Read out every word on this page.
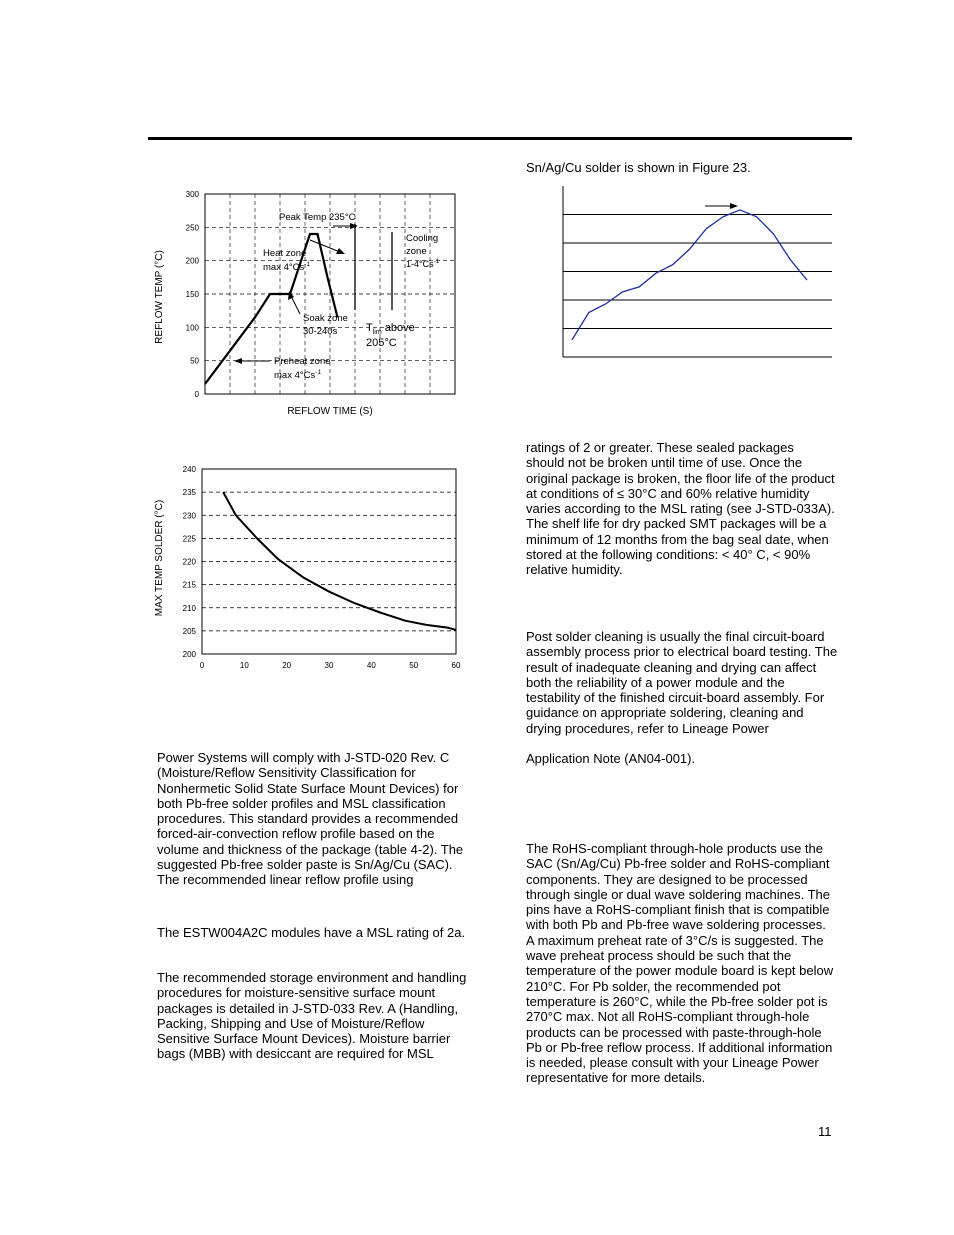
0
50
100
150
200
250
300
Peak Temp 235°C
Heat zone
$\max 4^\circ Cs^{-1}$
Cooling
zone
$1-4^\circ Cs^{-1}$
Soak zone
30-240s	$T_{lim}$ above
205°C
Preheat zone
$\max 4^\circ Cs^{-1}$
REFLOW TIME (S)
REFLOW TEMP (°C)
200
205
210
215
220
225
230
235
240
0	10	20	30	40	50	60
MAX TEMP SOLDER (°C)

Sn/Ag/Cu solder is shown in Figure 23.

Power Systems will comply with J-STD-020 Rev. C
(Moisture/Reflow Sensitivity Classification for
Nonhermetic Solid State Surface Mount Devices) for
both Pb-free solder profiles and MSL classification
procedures. This standard provides a recommended
forced-air-convection reflow profile based on the
volume and thickness of the package (table 4-2). The
suggested Pb-free solder paste is Sn/Ag/Cu (SAC).
The recommended linear reflow profile using
The ESTW004A2C modules have a MSL rating of 2a.
The recommended storage environment and handling
procedures for moisture-sensitive surface mount
packages is detailed in J-STD-033 Rev. A (Handling,
Packing, Shipping and Use of Moisture/Reflow
Sensitive Surface Mount Devices). Moisture barrier
bags (MBB) with desiccant are required for MSL
ratings of 2 or greater. These sealed packages
should not be broken until time of use. Once the
original package is broken, the floor life of the product
at conditions of ≤ 30°C and 60% relative humidity
varies according to the MSL rating (see J-STD-033A).
The shelf life for dry packed SMT packages will be a
minimum of 12 months from the bag seal date, when
stored at the following conditions: < 40° C, < 90%
relative humidity.
Post solder cleaning is usually the final circuit-board
assembly process prior to electrical board testing. The
result of inadequate cleaning and drying can affect
both the reliability of a power module and the
testability of the finished circuit-board assembly. For
guidance on appropriate soldering, cleaning and
drying procedures, refer to Lineage Power
Application Note (AN04-001).
The RoHS-compliant through-hole products use the
SAC (Sn/Ag/Cu) Pb-free solder and RoHS-compliant
components. They are designed to be processed
through single or dual wave soldering machines. The
pins have a RoHS-compliant finish that is compatible
with both Pb and Pb-free wave soldering processes.
A maximum preheat rate of 3°C/s is suggested. The
wave preheat process should be such that the
temperature of the power module board is kept below
210°C. For Pb solder, the recommended pot
temperature is 260°C, while the Pb-free solder pot is
270°C max. Not all RoHS-compliant through-hole
products can be processed with paste-through-hole
Pb or Pb-free reflow process. If additional information
is needed, please consult with your Lineage Power
representative for more details.
11
